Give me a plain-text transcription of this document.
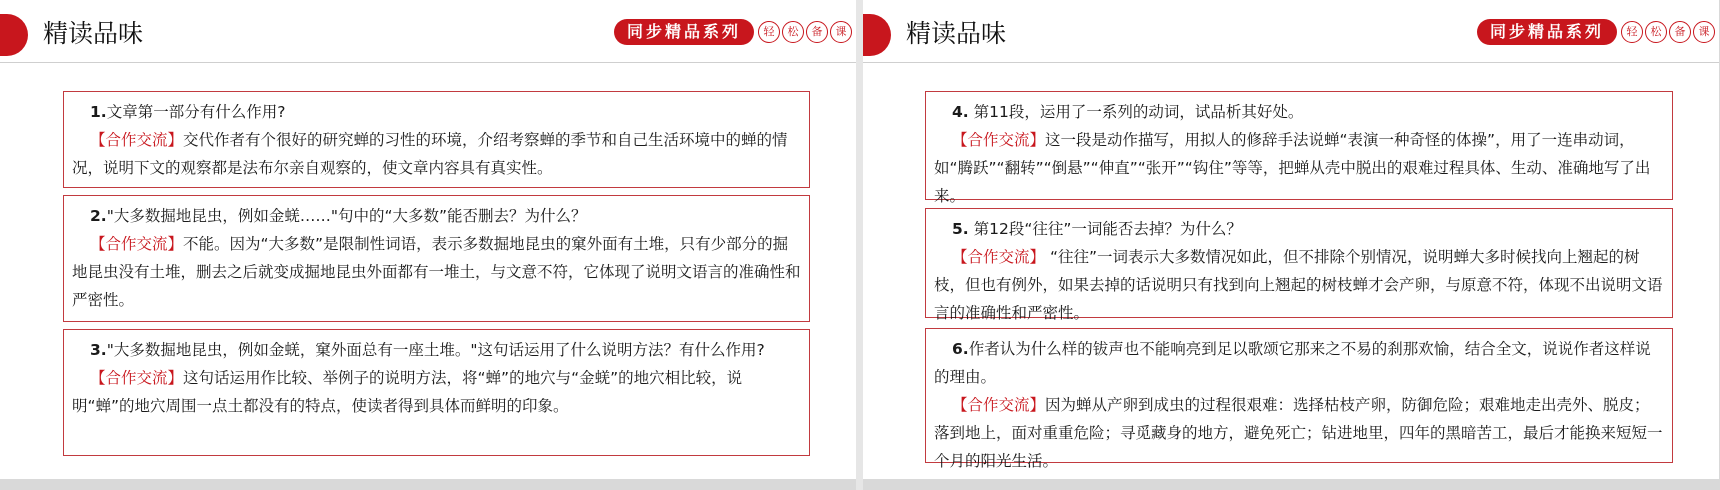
精读品味	同步精品系列	轻	松	备	课

1.文章第一部分有什么作用?

【合作交流】交代作者有个很好的研究蝉的习性的环境，介绍考察蝉的季节和自己生活环境中的蝉的情况，说明下文的观察都是法布尔亲自观察的，使文章内容具有真实性。

2."大多数掘地昆虫，例如金蜣……"句中的“大多数”能否删去？为什么？

【合作交流】不能。因为“大多数”是限制性词语，表示多数掘地昆虫的窠外面有土堆，只有少部分的掘地昆虫没有土堆，删去之后就变成掘地昆虫外面都有一堆土，与文意不符，它体现了说明文语言的准确性和严密性。

3."大多数掘地昆虫，例如金蜣，窠外面总有一座土堆。"这句话运用了什么说明方法？有什么作用?

【合作交流】这句话运用作比较、举例子的说明方法，将“蝉”的地穴与“金蜣”的地穴相比较，说明“蝉”的地穴周围一点土都没有的特点，使读者得到具体而鲜明的印象。

精读品味	同步精品系列	轻	松	备	课

4. 第11段，运用了一系列的动词，试品析其好处。

【合作交流】这一段是动作描写，用拟人的修辞手法说蝉“表演一种奇怪的体操”，用了一连串动词，如“腾跃”“翻转”“倒悬”“伸直”“张开”“钩住”等等，把蝉从壳中脱出的艰难过程具体、生动、准确地写了出来。

5. 第12段“往往”一词能否去掉？为什么？

【合作交流】 “往往”一词表示大多数情况如此，但不排除个别情况，说明蝉大多时候找向上翘起的树枝，但也有例外，如果去掉的话说明只有找到向上翘起的树枝蝉才会产卵，与原意不符，体现不出说明文语言的准确性和严密性。

6.作者认为什么样的钹声也不能响亮到足以歌颂它那来之不易的刹那欢愉，结合全文，说说作者这样说的理由。

【合作交流】因为蝉从产卵到成虫的过程很艰难：选择枯枝产卵，防御危险；艰难地走出壳外、脱皮；落到地上，面对重重危险；寻觅藏身的地方，避免死亡；钻进地里，四年的黑暗苦工，最后才能换来短短一个月的阳光生活。
